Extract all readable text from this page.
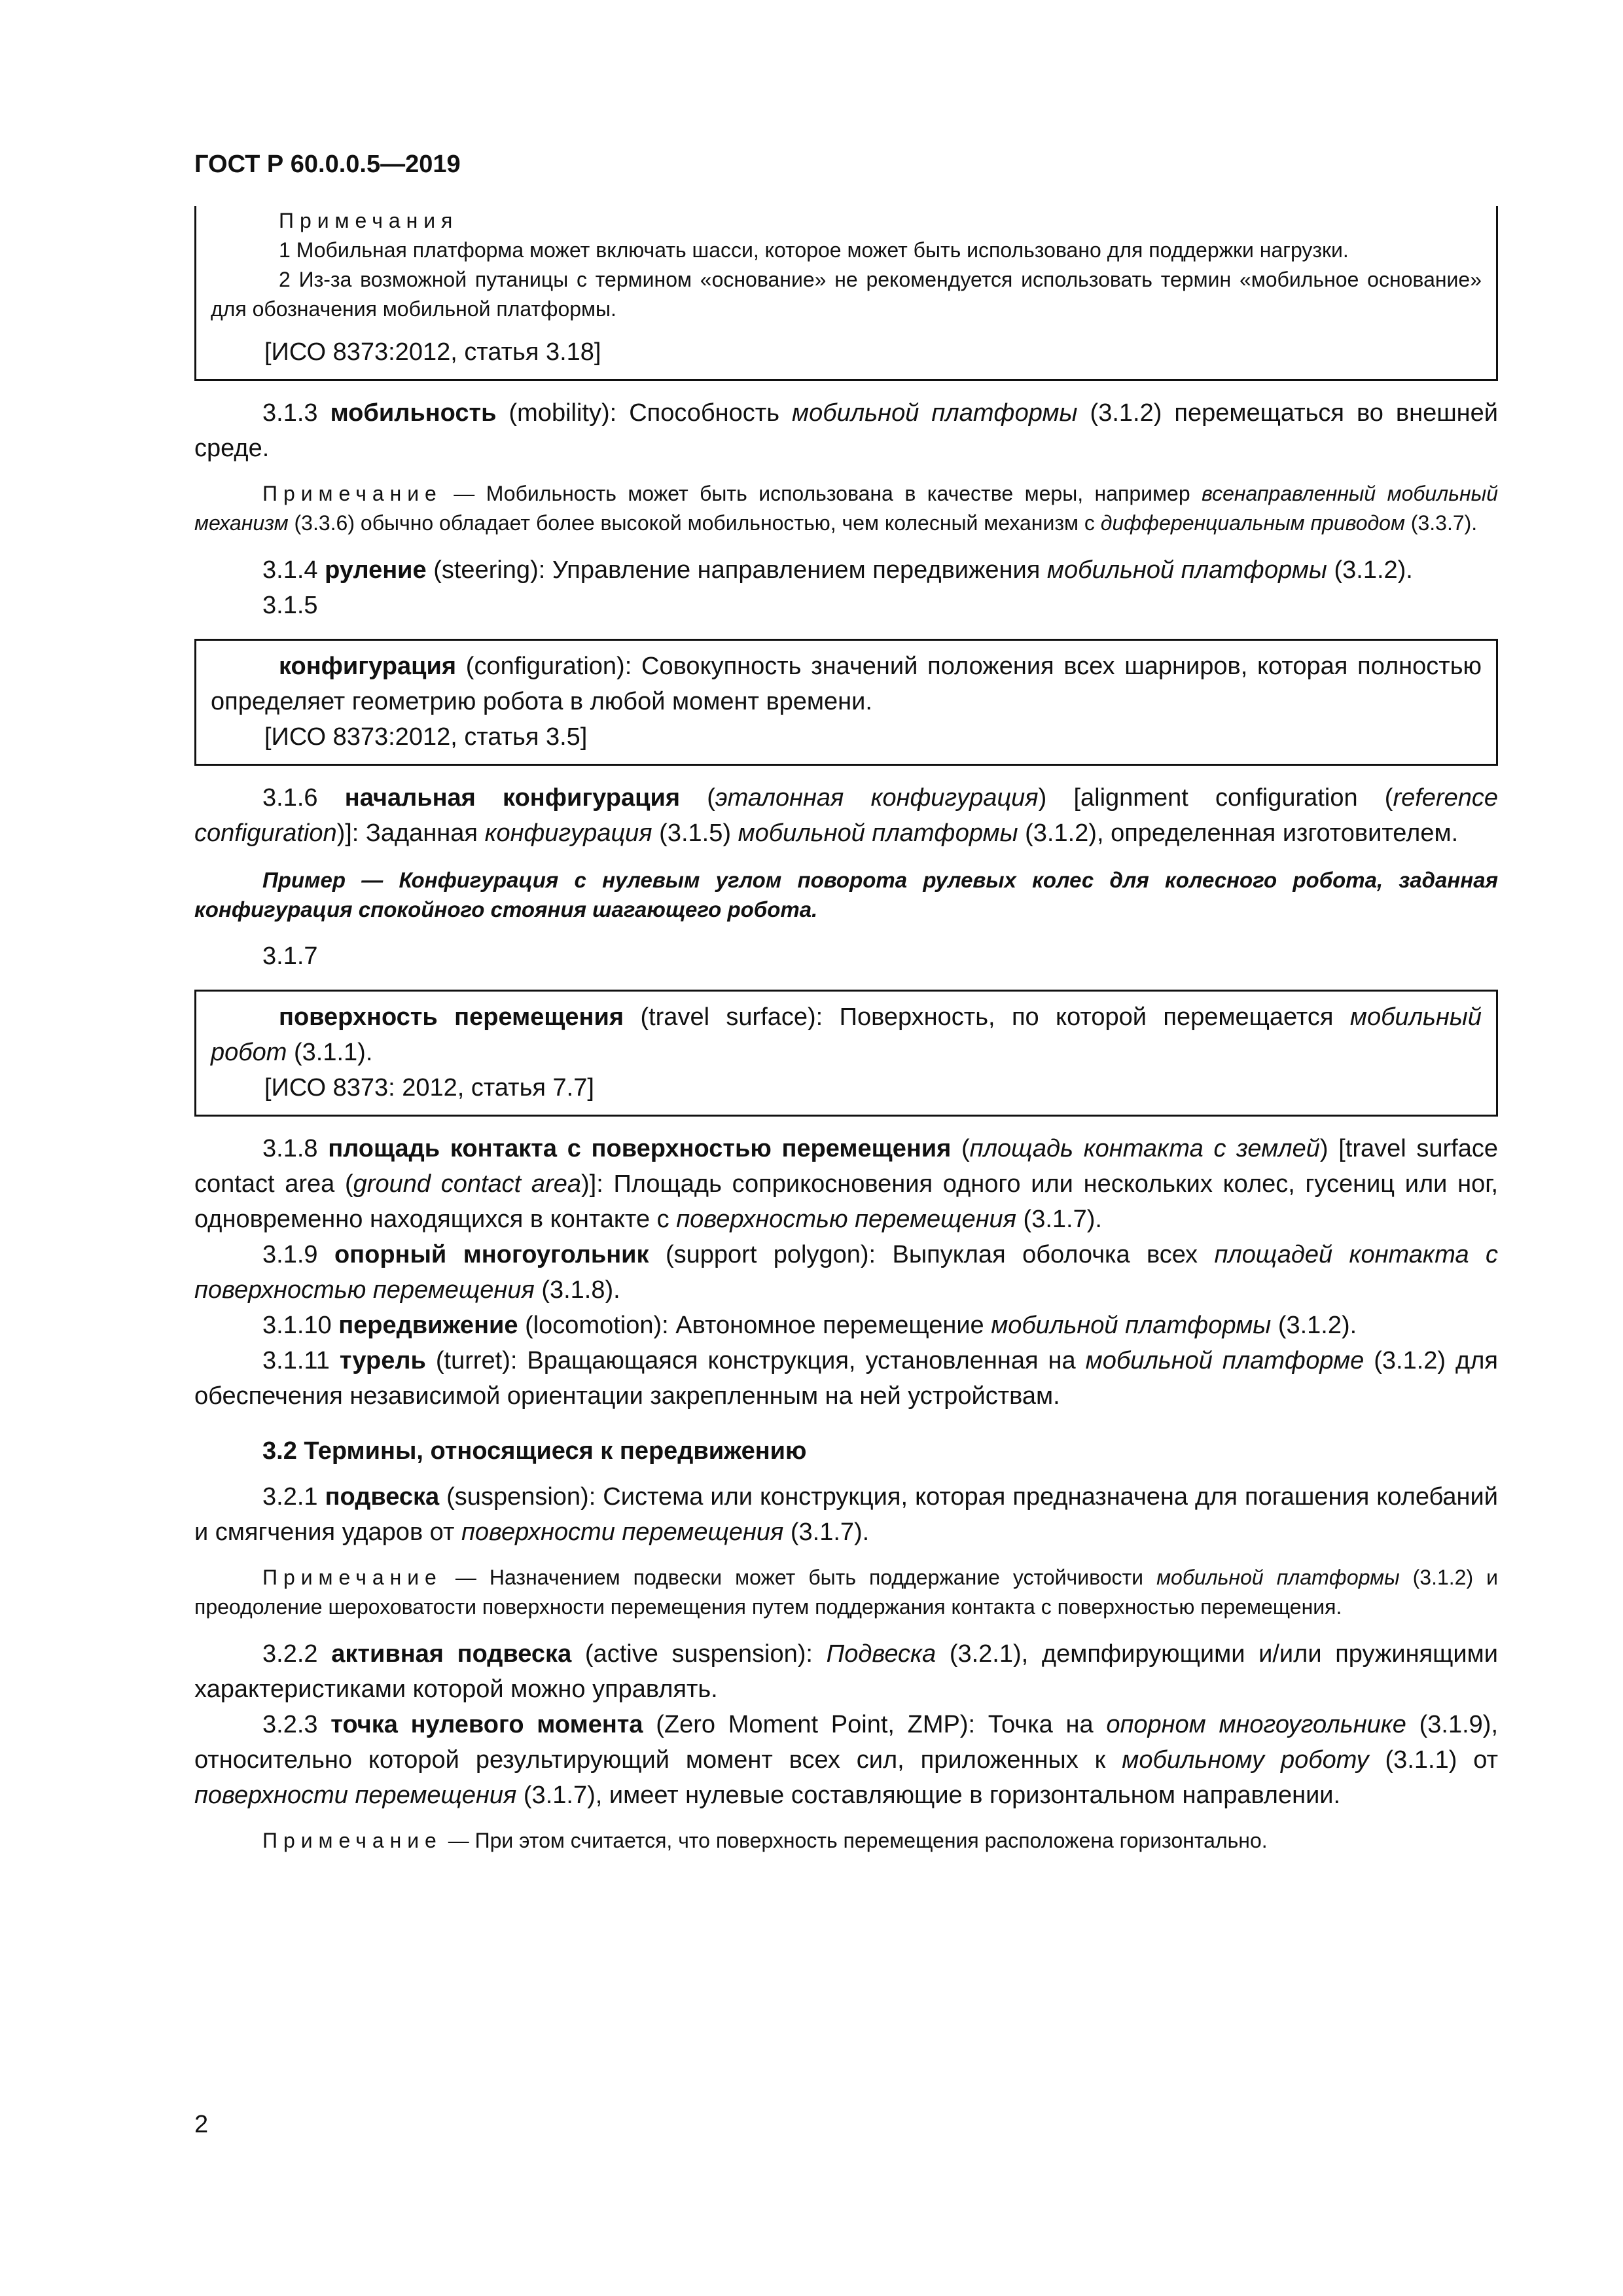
ГОСТ Р 60.0.0.5—2019

Примечания

1 Мобильная платформа может включать шасси, которое может быть использовано для поддержки нагрузки.

2 Из-за возможной путаницы с термином «основание» не рекомендуется использовать термин «мобильное основание» для обозначения мобильной платформы.

[ИСО 8373:2012, статья 3.18]

3.1.3 мобильность (mobility): Способность мобильной платформы (3.1.2) перемещаться во внешней среде.

Примечание — Мобильность может быть использована в качестве меры, например всенаправленный мобильный механизм (3.3.6) обычно обладает более высокой мобильностью, чем колесный механизм с дифференциальным приводом (3.3.7).

3.1.4 руление (steering): Управление направлением передвижения мобильной платформы (3.1.2).

3.1.5

конфигурация (configuration): Совокупность значений положения всех шарниров, которая полностью определяет геометрию робота в любой момент времени.

[ИСО 8373:2012, статья 3.5]

3.1.6 начальная конфигурация (эталонная конфигурация) [alignment configuration (reference configuration)]: Заданная конфигурация (3.1.5) мобильной платформы (3.1.2), определенная изготовителем.

Пример — Конфигурация с нулевым углом поворота рулевых колес для колесного робота, заданная конфигурация спокойного стояния шагающего робота.

3.1.7

поверхность перемещения (travel surface): Поверхность, по которой перемещается мобильный робот (3.1.1).

[ИСО 8373: 2012, статья 7.7]

3.1.8 площадь контакта с поверхностью перемещения (площадь контакта с землей) [travel surface contact area (ground contact area)]: Площадь соприкосновения одного или нескольких колес, гусениц или ног, одновременно находящихся в контакте с поверхностью перемещения (3.1.7).

3.1.9 опорный многоугольник (support polygon): Выпуклая оболочка всех площадей контакта с поверхностью перемещения (3.1.8).

3.1.10 передвижение (locomotion): Автономное перемещение мобильной платформы (3.1.2).

3.1.11 турель (turret): Вращающаяся конструкция, установленная на мобильной платформе (3.1.2) для обеспечения независимой ориентации закрепленным на ней устройствам.

3.2 Термины, относящиеся к передвижению

3.2.1 подвеска (suspension): Система или конструкция, которая предназначена для погашения колебаний и смягчения ударов от поверхности перемещения (3.1.7).

Примечание — Назначением подвески может быть поддержание устойчивости мобильной платформы (3.1.2) и преодоление шероховатости поверхности перемещения путем поддержания контакта с поверхностью перемещения.

3.2.2 активная подвеска (active suspension): Подвеска (3.2.1), демпфирующими и/или пружинящими характеристиками которой можно управлять.

3.2.3 точка нулевого момента (Zero Moment Point, ZMP): Точка на опорном многоугольнике (3.1.9), относительно которой результирующий момент всех сил, приложенных к мобильному роботу (3.1.1) от поверхности перемещения (3.1.7), имеет нулевые составляющие в горизонтальном направлении.

Примечание — При этом считается, что поверхность перемещения расположена горизонтально.

2
